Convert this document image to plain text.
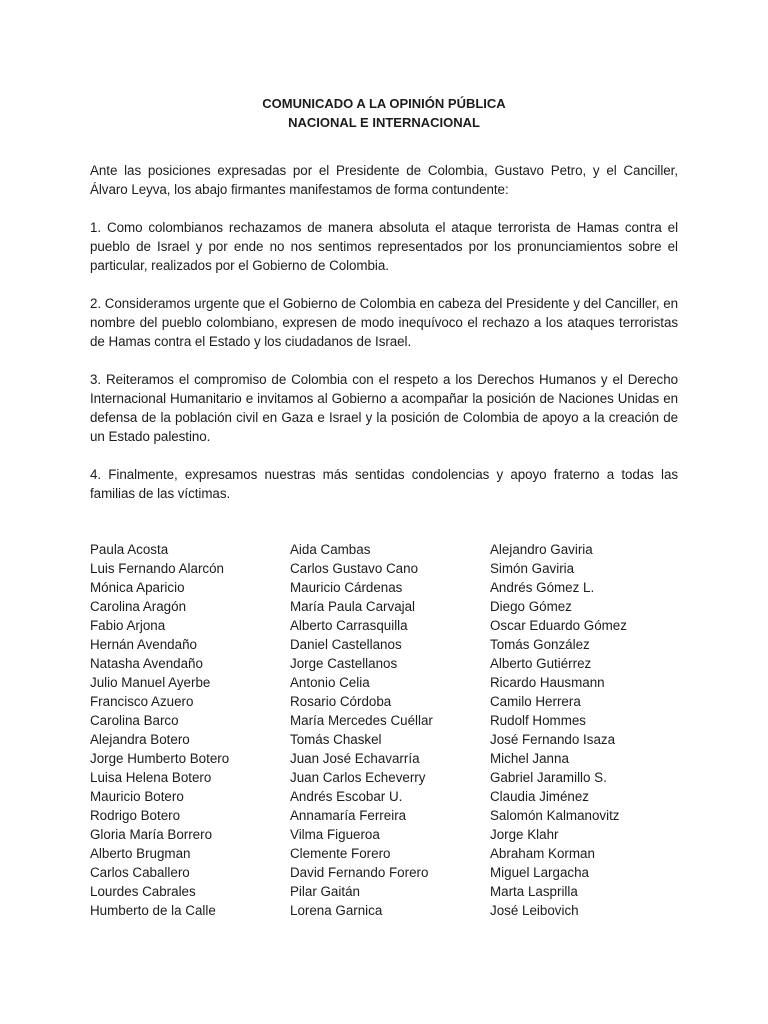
COMUNICADO A LA OPINIÓN PÚBLICA
NACIONAL E INTERNACIONAL

Ante las posiciones expresadas por el Presidente de Colombia, Gustavo Petro, y el Canciller, Álvaro Leyva, los abajo firmantes manifestamos de forma contundente:

1. Como colombianos rechazamos de manera absoluta el ataque terrorista de Hamas contra el pueblo de Israel y por ende no nos sentimos representados por los pronunciamientos sobre el particular, realizados por el Gobierno de Colombia.

2. Consideramos urgente que el Gobierno de Colombia en cabeza del Presidente y del Canciller, en nombre del pueblo colombiano, expresen de modo inequívoco el rechazo a los ataques terroristas de Hamas contra el Estado y los ciudadanos de Israel.

3. Reiteramos el compromiso de Colombia con el respeto a los Derechos Humanos y el Derecho Internacional Humanitario e invitamos al Gobierno a acompañar la posición de Naciones Unidas en defensa de la población civil en Gaza e Israel y la posición de Colombia de apoyo a la creación de un Estado palestino.

4. Finalmente, expresamos nuestras más sentidas condolencias y apoyo fraterno a todas las familias de las víctimas.

Paula Acosta
Luis Fernando Alarcón
Mónica Aparicio
Carolina Aragón
Fabio Arjona
Hernán Avendaño
Natasha Avendaño
Julio Manuel Ayerbe
Francisco Azuero
Carolina Barco
Alejandra Botero
Jorge Humberto Botero
Luisa Helena Botero
Mauricio Botero
Rodrigo Botero
Gloria María Borrero
Alberto Brugman
Carlos Caballero
Lourdes Cabrales
Humberto de la Calle
Aida Cambas
Carlos Gustavo Cano
Mauricio Cárdenas
María Paula Carvajal
Alberto Carrasquilla
Daniel Castellanos
Jorge Castellanos
Antonio Celia
Rosario Córdoba
María Mercedes Cuéllar
Tomás Chaskel
Juan José Echavarría
Juan Carlos Echeverry
Andrés Escobar U.
Annamaría Ferreira
Vilma Figueroa
Clemente Forero
David Fernando Forero
Pilar Gaitán
Lorena Garnica
Alejandro Gaviria
Simón Gaviria
Andrés Gómez L.
Diego Gómez
Oscar Eduardo Gómez
Tomás González
Alberto Gutiérrez
Ricardo Hausmann
Camilo Herrera
Rudolf Hommes
José Fernando Isaza
Michel Janna
Gabriel Jaramillo S.
Claudia Jiménez
Salomón Kalmanovitz
Jorge Klahr
Abraham Korman
Miguel Largacha
Marta Lasprilla
José Leibovich
